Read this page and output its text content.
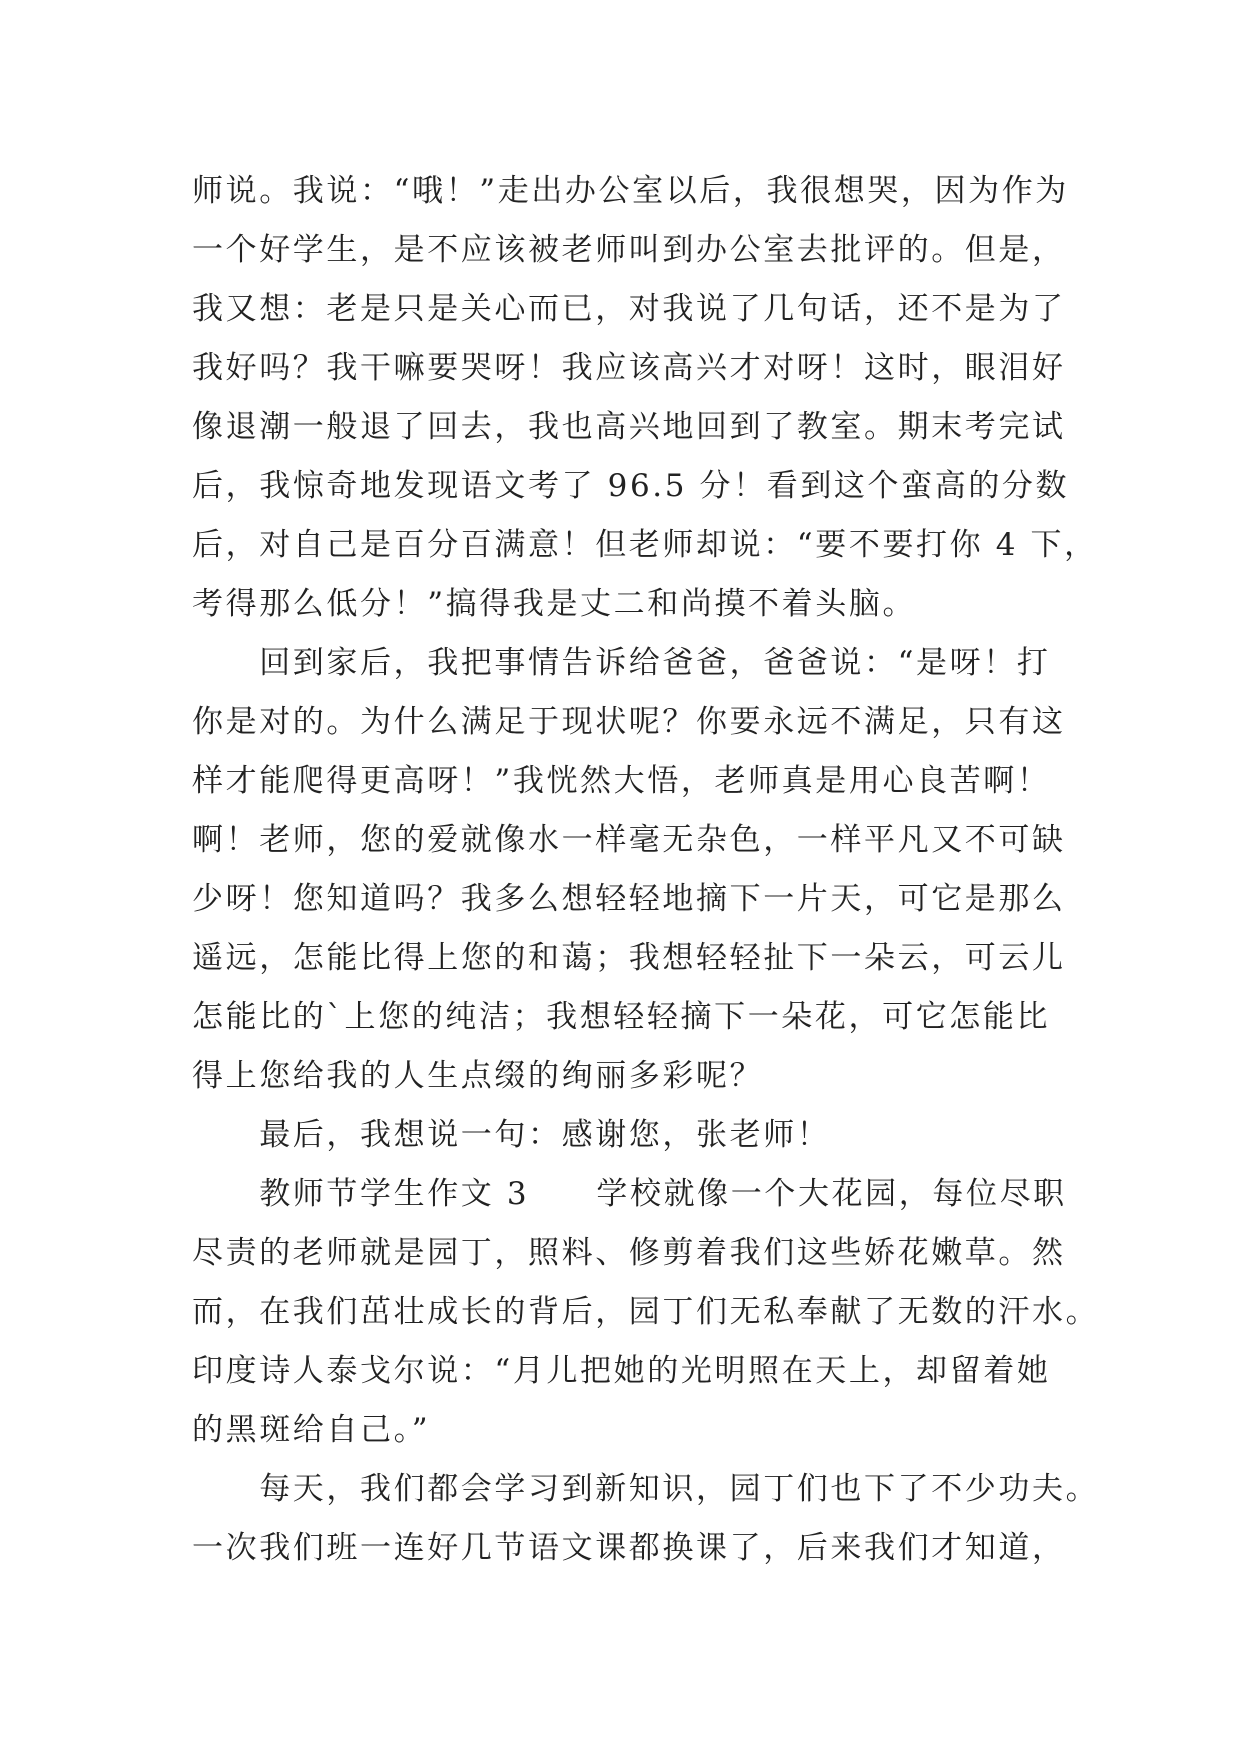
师说。我说：“哦！”走出办公室以后，我很想哭，因为作为
一个好学生，是不应该被老师叫到办公室去批评的。但是，
我又想：老是只是关心而已，对我说了几句话，还不是为了
我好吗？我干嘛要哭呀！我应该高兴才对呀！这时，眼泪好
像退潮一般退了回去，我也高兴地回到了教室。期末考完试
后，我惊奇地发现语文考了 96.5 分！看到这个蛮高的分数
后，对自己是百分百满意！但老师却说：“要不要打你 4 下，
考得那么低分！”搞得我是丈二和尚摸不着头脑。
　　回到家后，我把事情告诉给爸爸，爸爸说：“是呀！打
你是对的。为什么满足于现状呢？你要永远不满足，只有这
样才能爬得更高呀！”我恍然大悟，老师真是用心良苦啊！
啊！老师，您的爱就像水一样毫无杂色，一样平凡又不可缺
少呀！您知道吗？我多么想轻轻地摘下一片天，可它是那么
遥远，怎能比得上您的和蔼；我想轻轻扯下一朵云，可云儿
怎能比的`上您的纯洁；我想轻轻摘下一朵花，可它怎能比
得上您给我的人生点缀的绚丽多彩呢？
　　最后，我想说一句：感谢您，张老师！
　　教师节学生作文 3　　学校就像一个大花园，每位尽职
尽责的老师就是园丁，照料、修剪着我们这些娇花嫩草。然
而，在我们茁壮成长的背后，园丁们无私奉献了无数的汗水。
印度诗人泰戈尔说：“月儿把她的光明照在天上，却留着她
的黑斑给自己。”
　　每天，我们都会学习到新知识，园丁们也下了不少功夫。
一次我们班一连好几节语文课都换课了，后来我们才知道，
